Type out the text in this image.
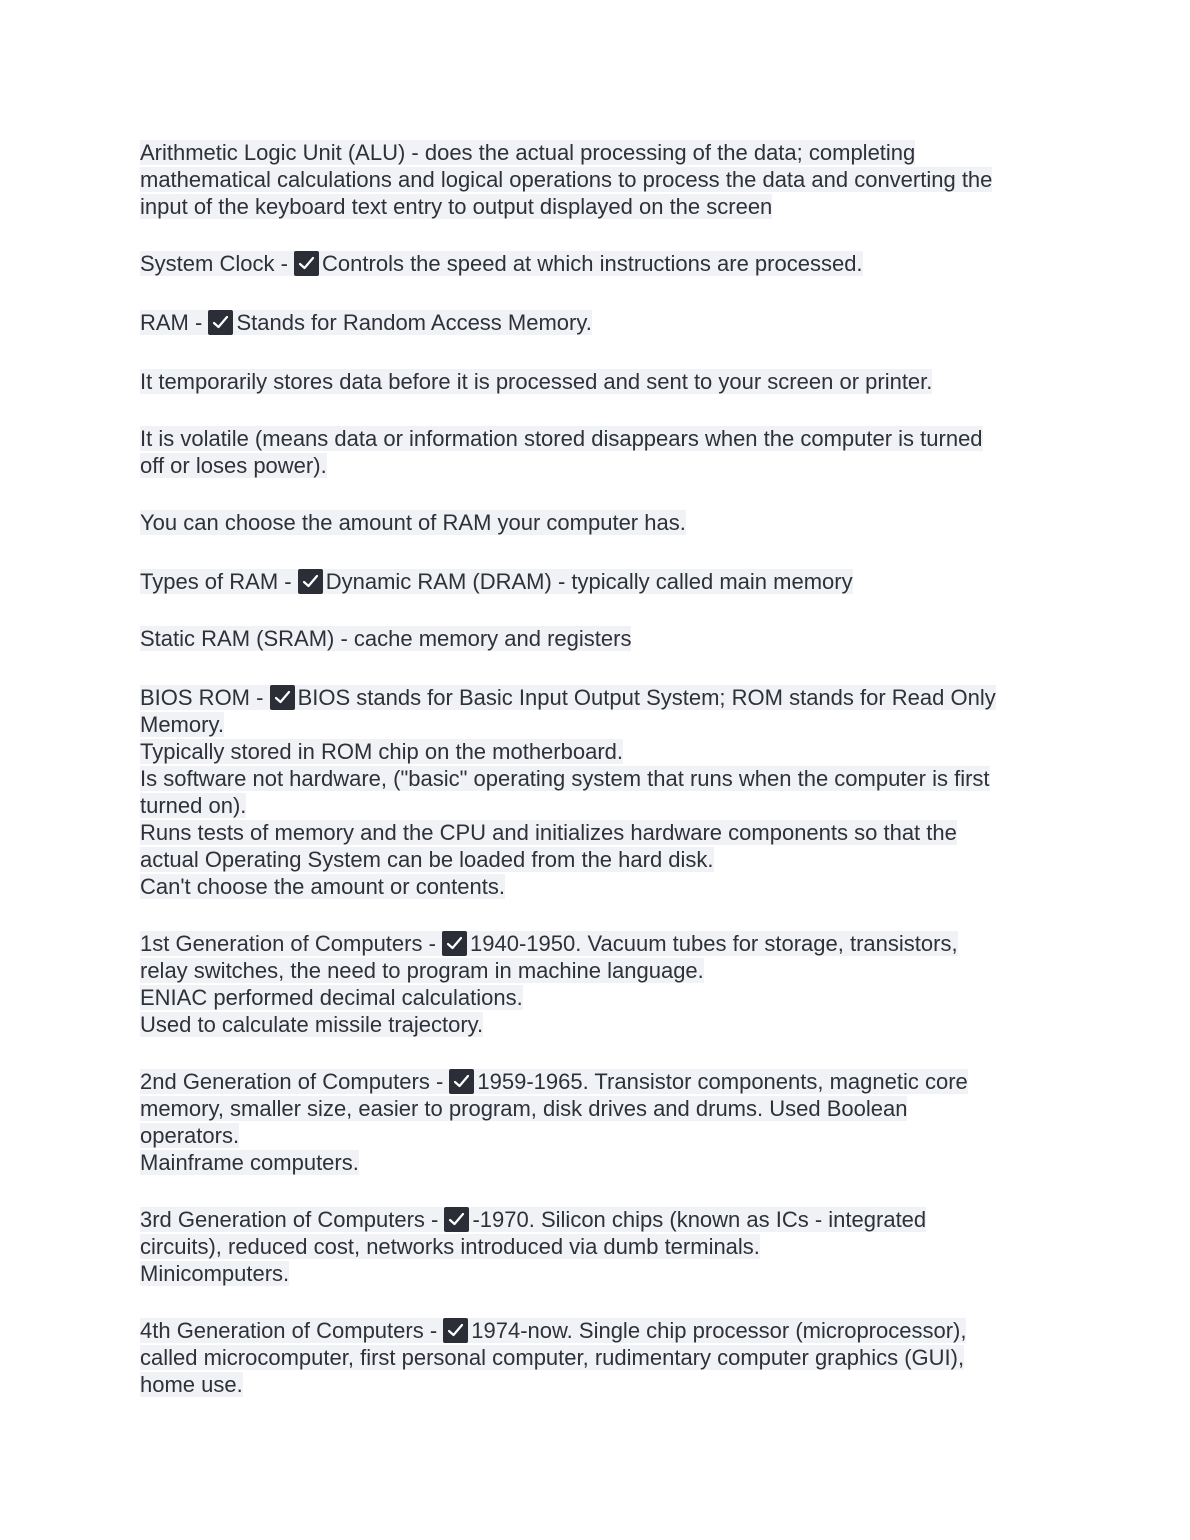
Arithmetic Logic Unit (ALU) - does the actual processing of the data; completing
mathematical calculations and logical operations to process the data and converting the
input of the keyboard text entry to output displayed on the screen
System Clock -
Controls the speed at which instructions are processed.
RAM -
Stands for Random Access Memory.
It temporarily stores data before it is processed and sent to your screen or printer.
It is volatile (means data or information stored disappears when the computer is turned
off or loses power).
You can choose the amount of RAM your computer has.
Types of RAM -
Dynamic RAM (DRAM) - typically called main memory
Static RAM (SRAM) - cache memory and registers
BIOS ROM -
BIOS stands for Basic Input Output System; ROM stands for Read Only
Memory.
Typically stored in ROM chip on the motherboard.
Is software not hardware, ("basic" operating system that runs when the computer is first
turned on).
Runs tests of memory and the CPU and initializes hardware components so that the
actual Operating System can be loaded from the hard disk.
Can't choose the amount or contents.
1st Generation of Computers -
1940-1950. Vacuum tubes for storage, transistors,
relay switches, the need to program in machine language.
ENIAC performed decimal calculations.
Used to calculate missile trajectory.
2nd Generation of Computers -
1959-1965. Transistor components, magnetic core
memory, smaller size, easier to program, disk drives and drums. Used Boolean
operators.
Mainframe computers.
3rd Generation of Computers -
-1970. Silicon chips (known as ICs - integrated
circuits), reduced cost, networks introduced via dumb terminals.
Minicomputers.
4th Generation of Computers -
1974-now. Single chip processor (microprocessor),
called microcomputer, first personal computer, rudimentary computer graphics (GUI),
home use.
